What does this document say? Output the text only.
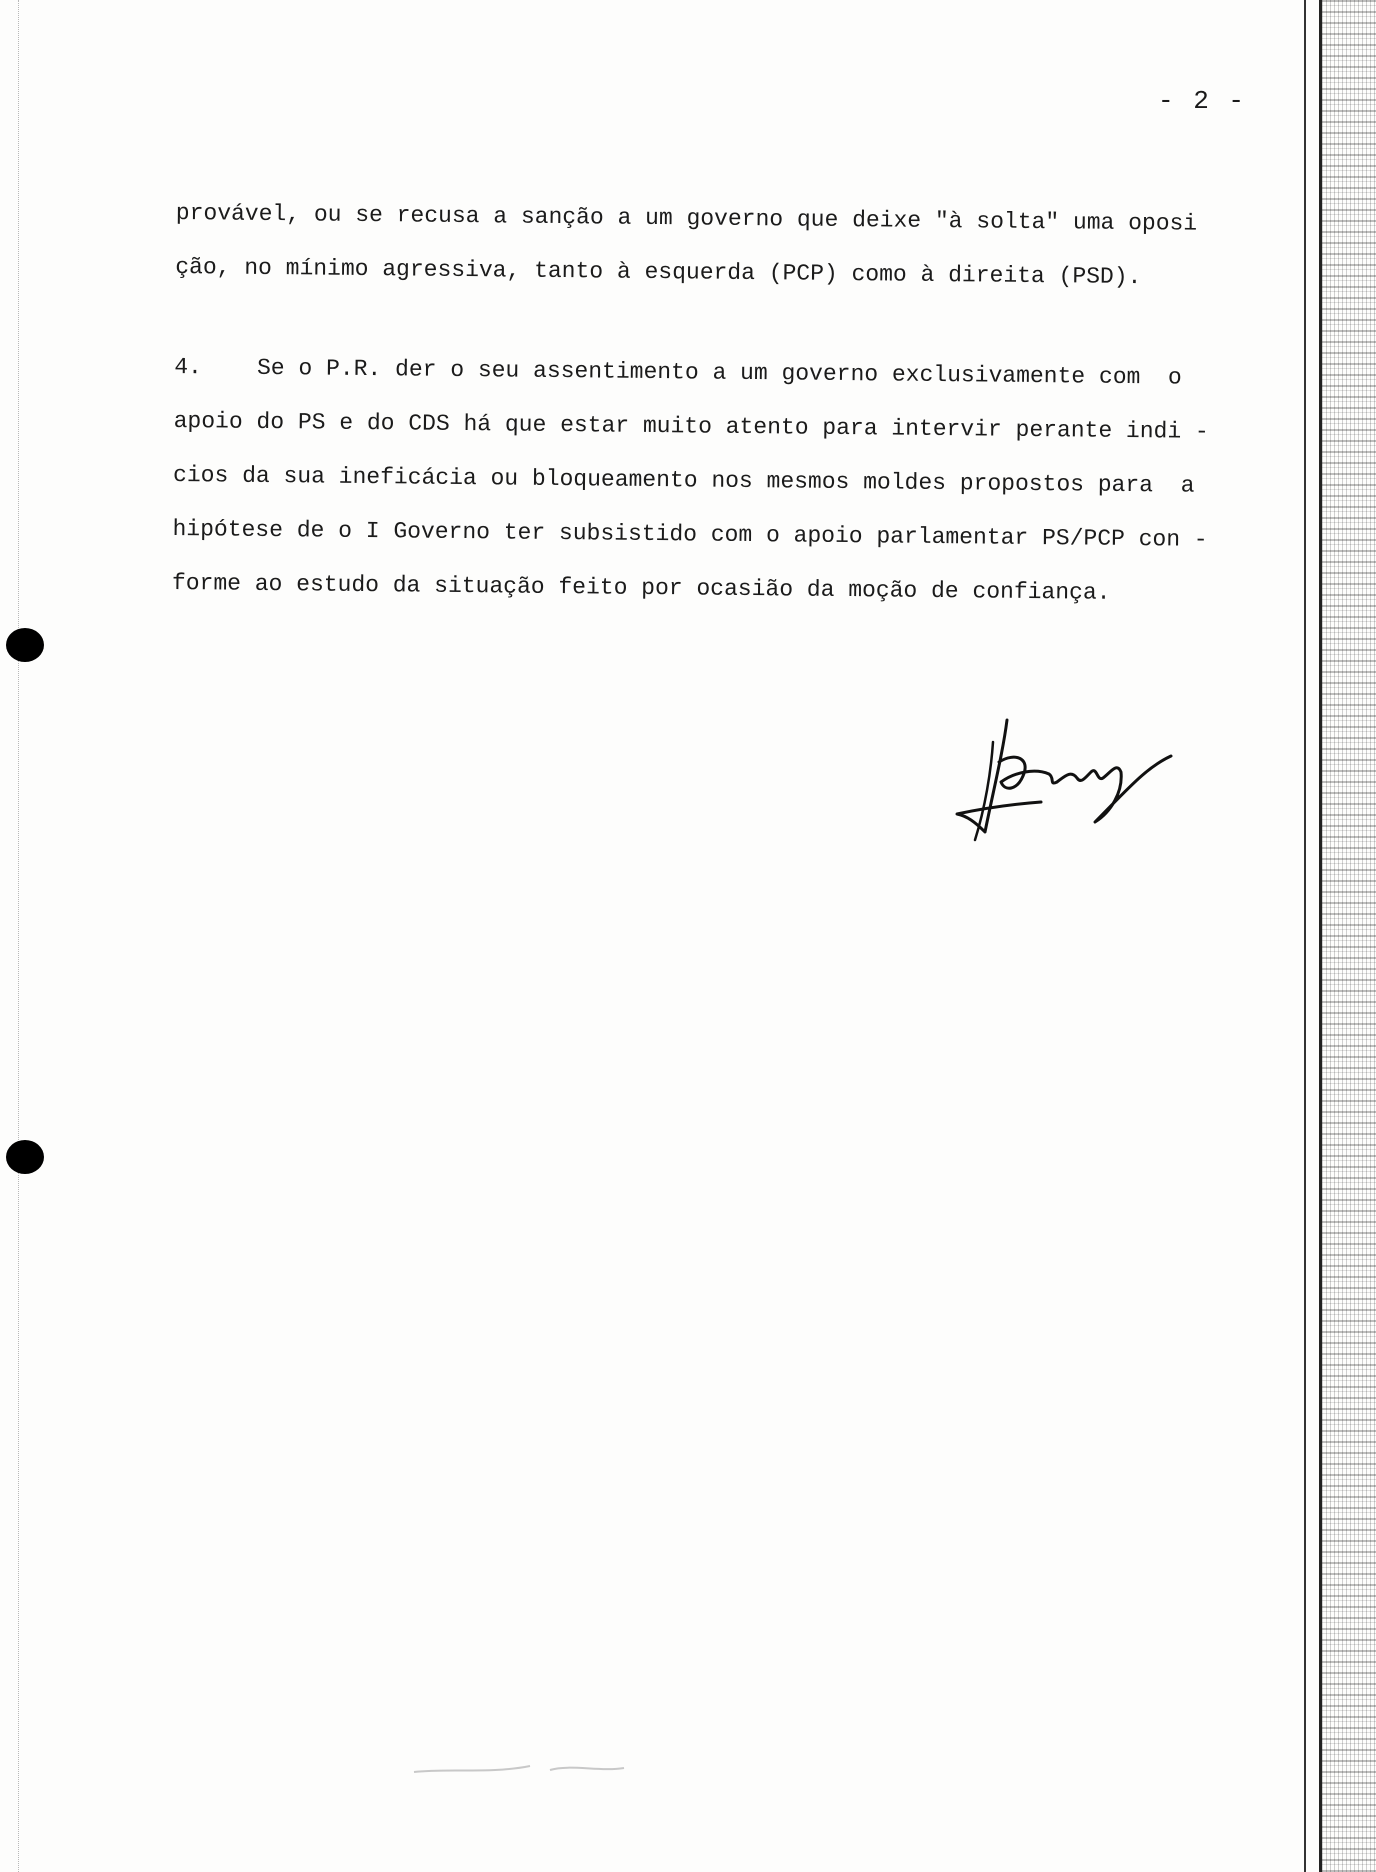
- 2 -
provável, ou se recusa a sanção a um governo que deixe "à solta" uma oposi
ção, no mínimo agressiva, tanto à esquerda (PCP) como à direita (PSD).
4.    Se o P.R. der o seu assentimento a um governo exclusivamente com  o
apoio do PS e do CDS há que estar muito atento para intervir perante indi -
cios da sua ineficácia ou bloqueamento nos mesmos moldes propostos para  a
hipótese de o I Governo ter subsistido com o apoio parlamentar PS/PCP con -
forme ao estudo da situação feito por ocasião da moção de confiança.
